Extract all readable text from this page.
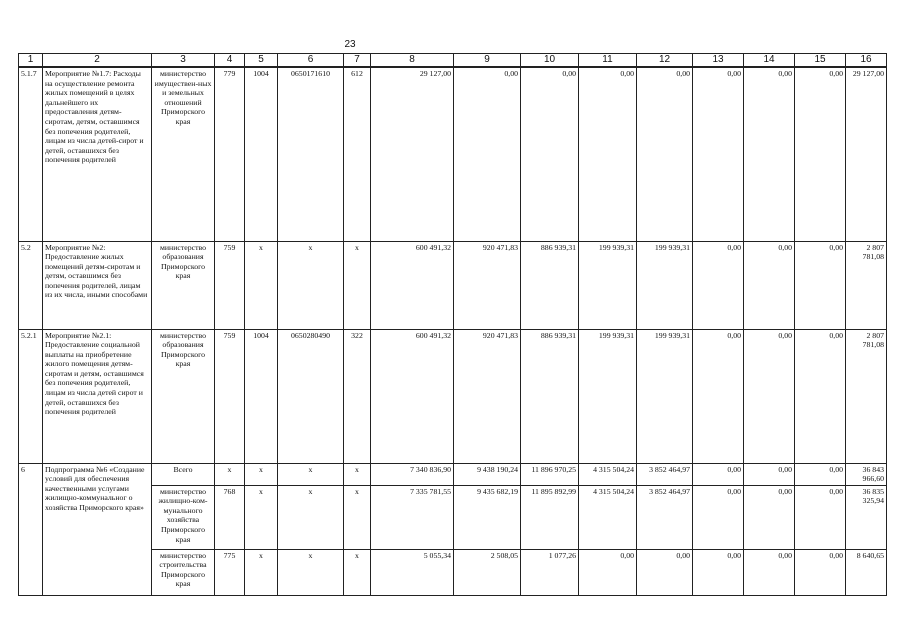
23
1	2	3	4	5	6	7	8	9	10	11	12	13	14	15	16
5.1.7	Мероприятие №1.7: Расходы на осуществление ремонта жилых помещений в целях дальнейшего их предоставления детям-сиротам, детям, оставшимся без попечения родителей, лицам из числа детей-сирот и детей, оставшихся без попечения родителей	министерство имуществен-ных и земельных отношений Приморского края	779	1004	0650171610	612	29 127,00	0,00	0,00	0,00	0,00	0,00	0,00	0,00	29 127,00
5.2	Мероприятие №2: Предоставление жилых помещений детям-сиротам и детям, оставшимся без попечения родителей, лицам из их числа, иными способами	министерство образования Приморского края	759	x	x	x	600 491,32	920 471,83	886 939,31	199 939,31	199 939,31	0,00	0,00	0,00	2 807 781,08
5.2.1	Мероприятие №2.1: Предоставление социальной выплаты на приобретение жилого помещения детям-сиротам и детям, оставшимся без попечения родителей, лицам из числа детей сирот и детей, оставшихся без попечения родителей	министерство образования Приморского края	759	1004	0650280490	322	600 491,32	920 471,83	886 939,31	199 939,31	199 939,31	0,00	0,00	0,00	2 807 781,08
6	Подпрограмма №6 «Создание условий для обеспечения качественными услугами жилищно-коммунальног о хозяйства Приморского края»	Всего	x	x	x	x	7 340 836,90	9 438 190,24	11 896 970,25	4 315 504,24	3 852 464,97	0,00	0,00	0,00	36 843 966,60
		министерство жилищно-ком-мунального хозяйства Приморского края	768	x	x	x	7 335 781,55	9 435 682,19	11 895 892,99	4 315 504,24	3 852 464,97	0,00	0,00	0,00	36 835 325,94
		министерство строительства Приморского края	775	x	x	x	5 055,34	2 508,05	1 077,26	0,00	0,00	0,00	0,00	0,00	8 640,65
